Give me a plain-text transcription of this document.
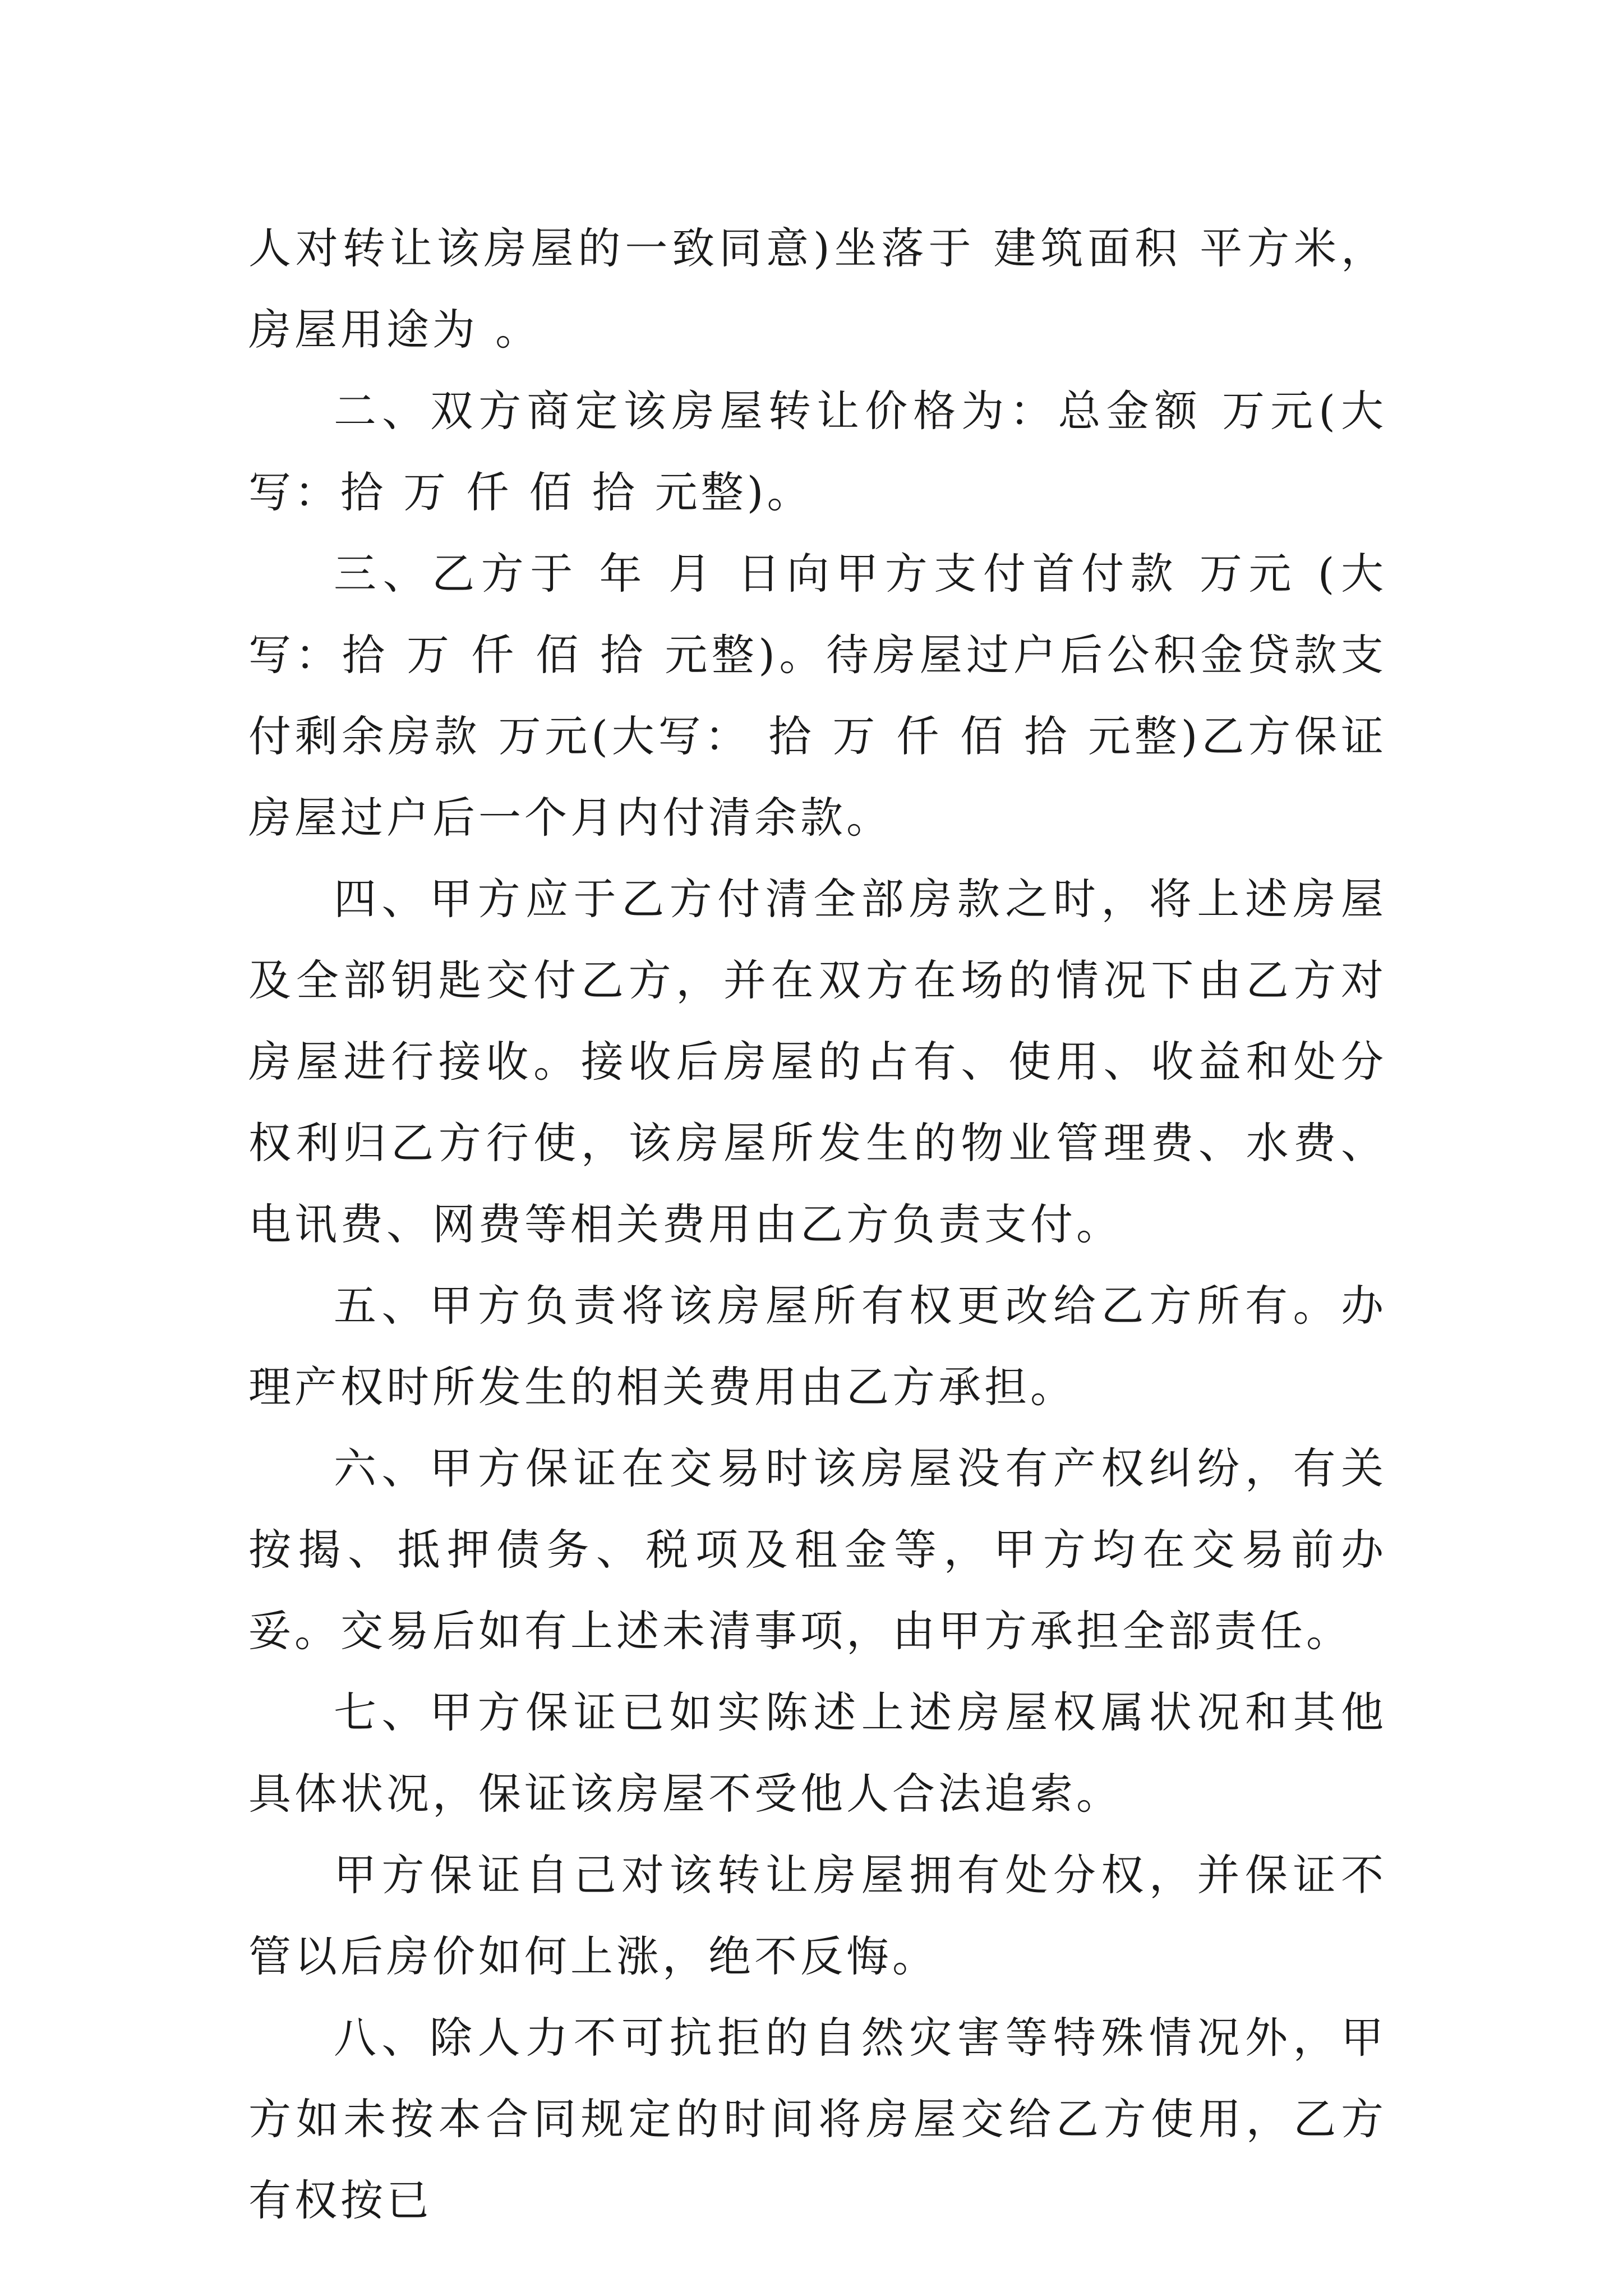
人对转让该房屋的一致同意)坐落于 建筑面积 平方米，房屋用途为 。

二、双方商定该房屋转让价格为：总金额 万元(大写：拾 万 仟 佰 拾 元整)。

三、乙方于 年 月 日向甲方支付首付款 万元 (大写：拾 万 仟 佰 拾 元整)。待房屋过户后公积金贷款支付剩余房款 万元(大写： 拾 万 仟 佰 拾 元整)乙方保证房屋过户后一个月内付清余款。

四、甲方应于乙方付清全部房款之时，将上述房屋及全部钥匙交付乙方，并在双方在场的情况下由乙方对房屋进行接收。接收后房屋的占有、使用、收益和处分权利归乙方行使，该房屋所发生的物业管理费、水费、电讯费、网费等相关费用由乙方负责支付。

五、甲方负责将该房屋所有权更改给乙方所有。办理产权时所发生的相关费用由乙方承担。

六、甲方保证在交易时该房屋没有产权纠纷，有关按揭、抵押债务、税项及租金等，甲方均在交易前办妥。交易后如有上述未清事项，由甲方承担全部责任。

七、甲方保证已如实陈述上述房屋权属状况和其他具体状况，保证该房屋不受他人合法追索。

甲方保证自己对该转让房屋拥有处分权，并保证不管以后房价如何上涨，绝不反悔。

八、除人力不可抗拒的自然灾害等特殊情况外，甲方如未按本合同规定的时间将房屋交给乙方使用，乙方有权按已
